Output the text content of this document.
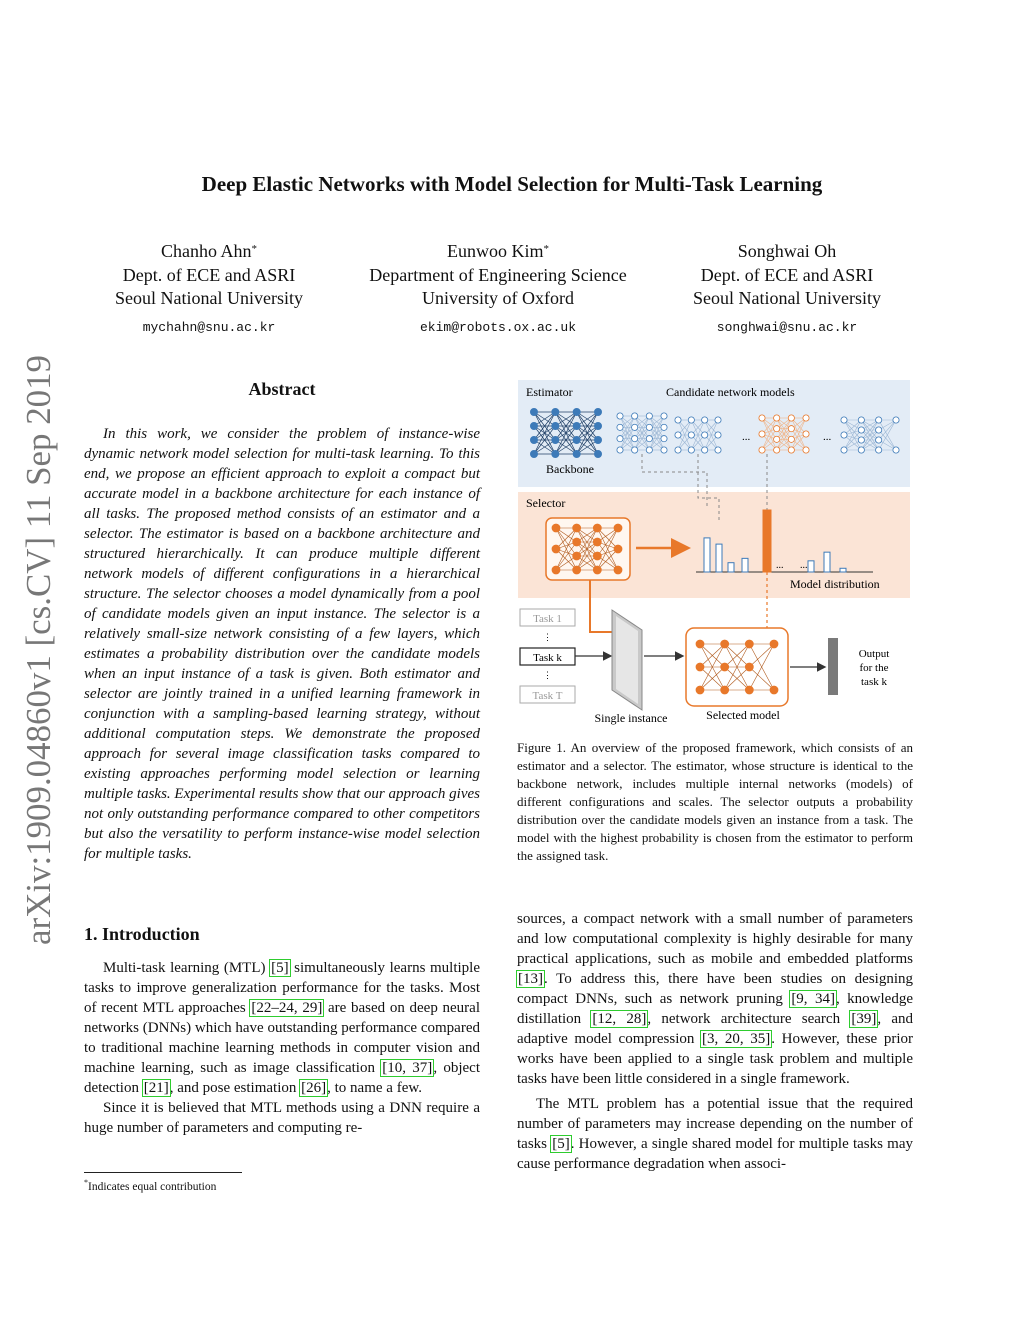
arXiv:1909.04860v1 [cs.CV] 11 Sep 2019
Deep Elastic Networks with Model Selection for Multi-Task Learning
Chanho Ahn*
Dept. of ECE and ASRI
Seoul National University
mychahn@snu.ac.kr
Eunwoo Kim*
Department of Engineering Science
University of Oxford
ekim@robots.ox.ac.uk
Songhwai Oh
Dept. of ECE and ASRI
Seoul National University
songhwai@snu.ac.kr
Abstract

In this work, we consider the problem of instance-wise dynamic network model selection for multi-task learning. To this end, we propose an efficient approach to exploit a compact but accurate model in a backbone architecture for each instance of all tasks. The proposed method consists of an estimator and a selector. The estimator is based on a backbone architecture and structured hierarchically. It can produce multiple different network models of different configurations in a hierarchical structure. The selector chooses a model dynamically from a pool of candidate models given an input instance. The selector is a relatively small-size network consisting of a few layers, which estimates a probability distribution over the candidate models when an input instance of a task is given. Both estimator and selector are jointly trained in a unified learning framework in conjunction with a sampling-based learning strategy, without additional computation steps. We demonstrate the proposed approach for several image classification tasks compared to existing approaches performing model selection or learning multiple tasks. Experimental results show that our approach gives not only outstanding performance compared to other competitors but also the versatility to perform instance-wise model selection for multiple tasks.

1. Introduction

Multi-task learning (MTL) [5] simultaneously learns multiple tasks to improve generalization performance for the tasks. Most of recent MTL approaches [22–24, 29] are based on deep neural networks (DNNs) which have outstanding performance compared to traditional machine learning methods in computer vision and machine learning, such as image classification [10, 37], object detection [21], and pose estimation [26], to name a few.

Since it is believed that MTL methods using a DNN require a huge number of parameters and computing re-

*Indicates equal contribution

sources, a compact network with a small number of parameters and low computational complexity is highly desirable for many practical applications, such as mobile and embedded platforms [13]. To address this, there have been studies on designing compact DNNs, such as network pruning [9, 34], knowledge distillation [12, 28], network architecture search [39], and adaptive model compression [3, 20, 35]. However, these prior works have been applied to a single task problem and multiple tasks have been little considered in a single framework.

The MTL problem has a potential issue that the required number of parameters may increase depending on the number of tasks [5]. However, a single shared model for multiple tasks may cause performance degradation when associ-

Estimator	Candidate network models
Backbone
...	...
Selector
... ...
Model distribution
Task 1
⋮
Task k
⋮
Task T
Single instance	Selected model
Output
for the
task k
Figure 1. An overview of the proposed framework, which consists of an estimator and a selector. The estimator, whose structure is identical to the backbone network, includes multiple internal networks (models) of different configurations and scales. The selector outputs a probability distribution over the candidate models given an instance from a task. The model with the highest probability is chosen from the estimator to perform the assigned task.
